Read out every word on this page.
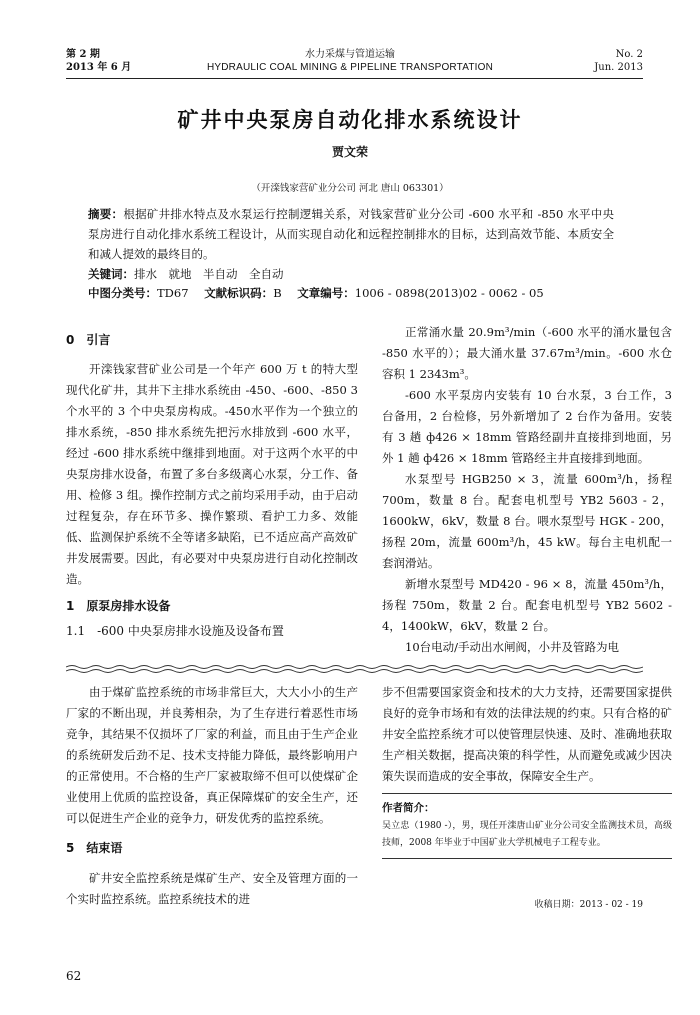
第 2 期
2013 年 6 月
水力采煤与管道运输
HYDRAULIC COAL MINING & PIPELINE TRANSPORTATION
No. 2
Jun. 2013
矿井中央泵房自动化排水系统设计
贾文荣
（开滦钱家营矿业分公司 河北 唐山 063301）
摘要：根据矿井排水特点及水泵运行控制逻辑关系，对钱家营矿业分公司 -600 水平和 -850 水平中央泵房进行自动化排水系统工程设计，从而实现自动化和远程控制排水的目标，达到高效节能、本质安全和减人提效的最终目的。
关键词：排水　就地　半自动　全自动
中图分类号：TD67 文献标识码：B 文章编号：1006 - 0898(2013)02 - 0062 - 05

0　引言

开滦钱家营矿业公司是一个年产 600 万 t 的特大型现代化矿井，其井下主排水系统由 -450、-600、-850 3 个水平的 3 个中央泵房构成。-450水平作为一个独立的排水系统，-850 排水系统先把污水排放到 -600 水平，经过 -600 排水系统中继排到地面。对于这两个水平的中央泵房排水设备，布置了多台多级离心水泵，分工作、备用、检修 3 组。操作控制方式之前均采用手动，由于启动过程复杂，存在环节多、操作繁琐、看护工力多、效能低、监测保护系统不全等诸多缺陷，已不适应高产高效矿井发展需要。因此，有必要对中央泵房进行自动化控制改造。

1　原泵房排水设备

1.1　-600 中央泵房排水设施及设备布置

正常涌水量 20.9m³/min（-600 水平的涌水量包含 -850 水平的）；最大涌水量 37.67m³/min。-600 水仓容积 1 2343m³。

-600 水平泵房内安装有 10 台水泵，3 台工作，3 台备用，2 台检修，另外新增加了 2 台作为备用。安装有 3 趟 ф426 × 18mm 管路经副井直接排到地面，另外 1 趟 ф426 × 18mm 管路经主井直接排到地面。

水泵型号 HGB250 × 3，流量 600m³/h，扬程 700m，数量 8 台。配套电机型号 YB2 5603 - 2，1600kW，6kV，数量 8 台。喂水泵型号 HGK - 200，扬程 20m，流量 600m³/h，45 kW。每台主电机配一套润滑站。

新增水泵型号 MD420 - 96 × 8，流量 450m³/h，扬程 750m，数量 2 台。配套电机型号 YB2 5602 - 4，1400kW，6kV，数量 2 台。

10台电动/手动出水闸阀，小井及管路为电

由于煤矿监控系统的市场非常巨大，大大小小的生产厂家的不断出现，并良莠相杂，为了生存进行着恶性市场竞争，其结果不仅损坏了厂家的利益，而且由于生产企业的系统研发后劲不足、技术支持能力降低，最终影响用户的正常使用。不合格的生产厂家被取缔不但可以使煤矿企业使用上优质的监控设备，真正保障煤矿的安全生产，还可以促进生产企业的竞争力，研发优秀的监控系统。

5　结束语

矿井安全监控系统是煤矿生产、安全及管理方面的一个实时监控系统。监控系统技术的进

步不但需要国家资金和技术的大力支持，还需要国家提供良好的竞争市场和有效的法律法规的约束。只有合格的矿井安全监控系统才可以使管理层快速、及时、准确地获取生产相关数据，提高决策的科学性，从而避免或减少因决策失误而造成的安全事故，保障安全生产。

作者简介：
吴立忠（1980 -），男，现任开滦唐山矿业分公司安全监测技术员，高级技师，2008 年毕业于中国矿业大学机械电子工程专业。
收稿日期：2013 - 02 - 19
62
